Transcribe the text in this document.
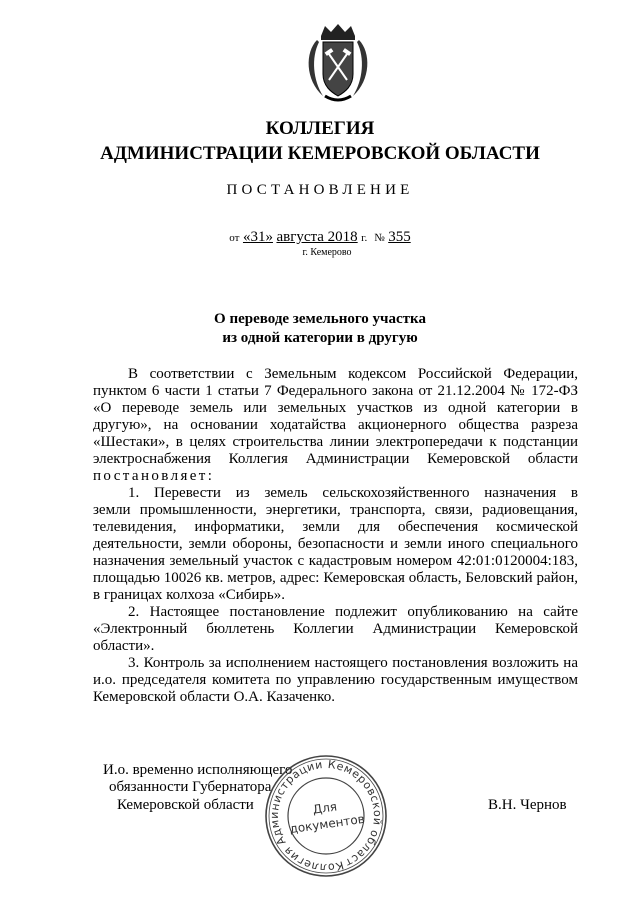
КОЛЛЕГИЯ
АДМИНИСТРАЦИИ КЕМЕРОВСКОЙ ОБЛАСТИ
ПОСТАНОВЛЕНИЕ
от «31» августа 2018 г. № 355
г. Кемерово
О переводе земельного участка
из одной категории в другую
В соответствии с Земельным кодексом Российской Федерации,
пунктом 6 части 1 статьи 7 Федерального закона от 21.12.2004 № 172-ФЗ
«О переводе земель или земельных участков из одной категории в
другую», на основании ходатайства акционерного общества разреза
«Шестаки», в целях строительства линии электропередачи к подстанции
электроснабжения Коллегия Администрации Кемеровской области
постановляет:
1. Перевести из земель сельскохозяйственного назначения в
земли промышленности, энергетики, транспорта, связи, радиовещания,
телевидения, информатики, земли для обеспечения космической
деятельности, земли обороны, безопасности и земли иного специального
назначения земельный участок с кадастровым номером 42:01:0120004:183,
площадью 10026 кв. метров, адрес: Кемеровская область, Беловский район,
в границах колхоза «Сибирь».
2. Настоящее постановление подлежит опубликованию на сайте
«Электронный бюллетень Коллегии Администрации Кемеровской
области».
3. Контроль за исполнением настоящего постановления возложить на
и.о. председателя комитета по управлению государственным имуществом
Кемеровской области О.А. Казаченко.
И.о. временно исполняющего
обязанности Губернатора
Кемеровской области	В.Н. Чернов
Коллегия Администрации Кемеровской области
Для
документов
